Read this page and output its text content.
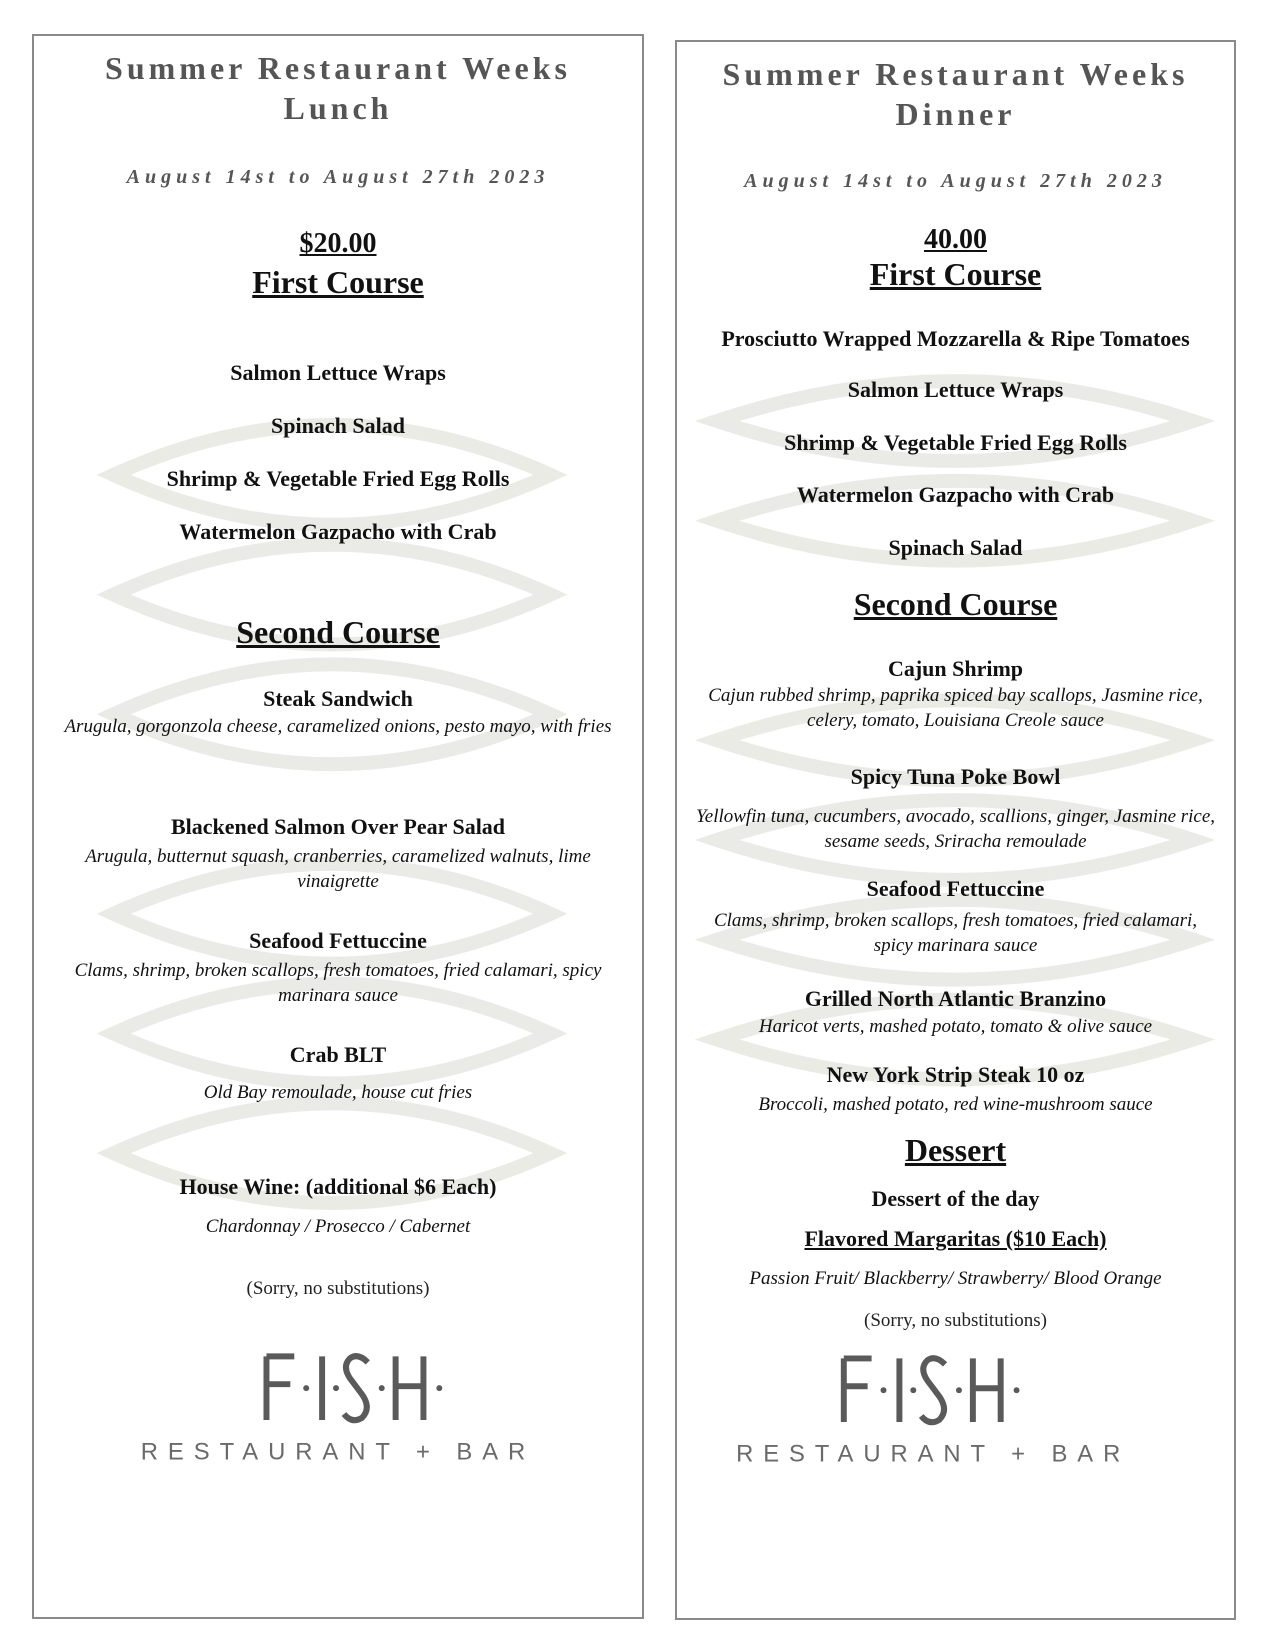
Summer Restaurant Weeks

Lunch

August 14st to August 27th 2023

$20.00

First Course

Salmon Lettuce Wraps

Spinach Salad

Shrimp & Vegetable Fried Egg Rolls

Watermelon Gazpacho with Crab

Second Course

Steak Sandwich

Arugula, gorgonzola cheese, caramelized onions, pesto mayo, with fries

Blackened Salmon Over Pear Salad

Arugula, butternut squash, cranberries, caramelized walnuts, lime vinaigrette

Seafood Fettuccine

Clams, shrimp, broken scallops, fresh tomatoes, fried calamari, spicy marinara sauce

Crab BLT

Old Bay remoulade, house cut fries

House Wine: (additional $6 Each)

Chardonnay / Prosecco / Cabernet

(Sorry, no substitutions)

RESTAURANT + BAR

Summer Restaurant Weeks

Dinner

August 14st to August 27th 2023

40.00

First Course

Prosciutto Wrapped Mozzarella & Ripe Tomatoes

Salmon Lettuce Wraps

Shrimp & Vegetable Fried Egg Rolls

Watermelon Gazpacho with Crab

Spinach Salad

Second Course

Cajun Shrimp

Cajun rubbed shrimp, paprika spiced bay scallops, Jasmine rice, celery, tomato, Louisiana Creole sauce

Spicy Tuna Poke Bowl

Yellowfin tuna, cucumbers, avocado, scallions, ginger, Jasmine rice, sesame seeds, Sriracha remoulade

Seafood Fettuccine

Clams, shrimp, broken scallops, fresh tomatoes, fried calamari, spicy marinara sauce

Grilled North Atlantic Branzino

Haricot verts, mashed potato, tomato & olive sauce

New York Strip Steak 10 oz

Broccoli, mashed potato, red wine-mushroom sauce

Dessert

Dessert of the day

Flavored Margaritas ($10 Each)

Passion Fruit/ Blackberry/ Strawberry/ Blood Orange

(Sorry, no substitutions)

RESTAURANT + BAR
